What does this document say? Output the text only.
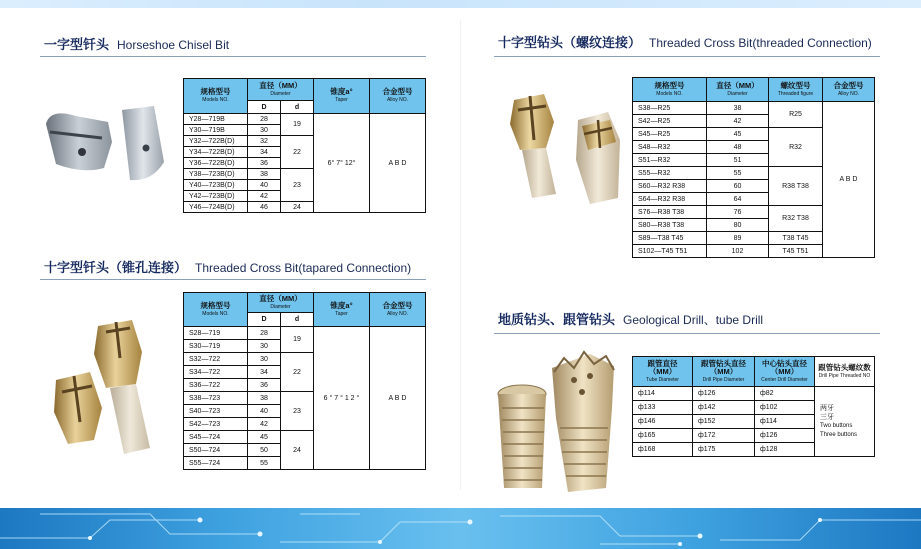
一字型钎头 Horseshoe Chisel Bit
规格型号
Models NO.	直径（MM）
Diameter		锥度a°
Taper	合金型号
Alloy NO.

	D	d		
Y28—719B	28	19	6° 7° 12°	A B D
Y30—719B	30			
Y32—722B(D)	32	22		
Y34—722B(D)	34			
Y36—722B(D)	36			
Y38—723B(D)	38	23		
Y40—723B(D)	40			
Y42—723B(D)	42			
Y46—724B(D)	46	24		
十字型钎头（锥孔连接） Threaded Cross Bit(tapared Connection)
规格型号
Models NO.	直径（MM）
Diameter		锥度a°
Taper	合金型号
Alloy NO.

	D	d		
S28—719	28	19	6 ° 7 ° 1 2 °	A B D
S30—719	30			
S32—722	30	22		
S34—722	34			
S36—722	36			
S38—723	38	23		
S40—723	40			
S42—723	42			
S45—724	45	24		
S50—724	50			
S55—724	55			
十字型钻头（螺纹连接） Threaded Cross Bit(threaded Connection)
规格型号
Models NO.	直径（MM）
Diameter	螺纹型号
Threaded figure	合金型号
Alloy NO.

S38—R25	38	R25	A B D
S42—R25	42		
S45—R25	45	R32	
S48—R32	48		
S51—R32	51		
S55—R32	55	R38 T38	
S60—R32 R38	60		
S64—R32 R38	64		
S76—R38 T38	76	R32 T38	
S80—R38 T38	80		
S89—T38 T45	89	T38 T45	
S102—T45 T51	102	T45 T51	
地质钻头、跟管钻头 Geological Drill、tube Drill
跟管直径
（MM）
Tube Diameter	跟管钻头直径
（MM）
Drill Pipe Diameter	中心钻头直径
（MM）
Center Drill Diameter	跟管钻头螺纹数
Drill Pipe Threaded NO

ф114	ф126	ф82	两牙
三牙
Two buttons
Three buttons

ф133	ф142	ф102	
ф146	ф152	ф114	
ф165	ф172	ф126	
ф168	ф175	ф128	
